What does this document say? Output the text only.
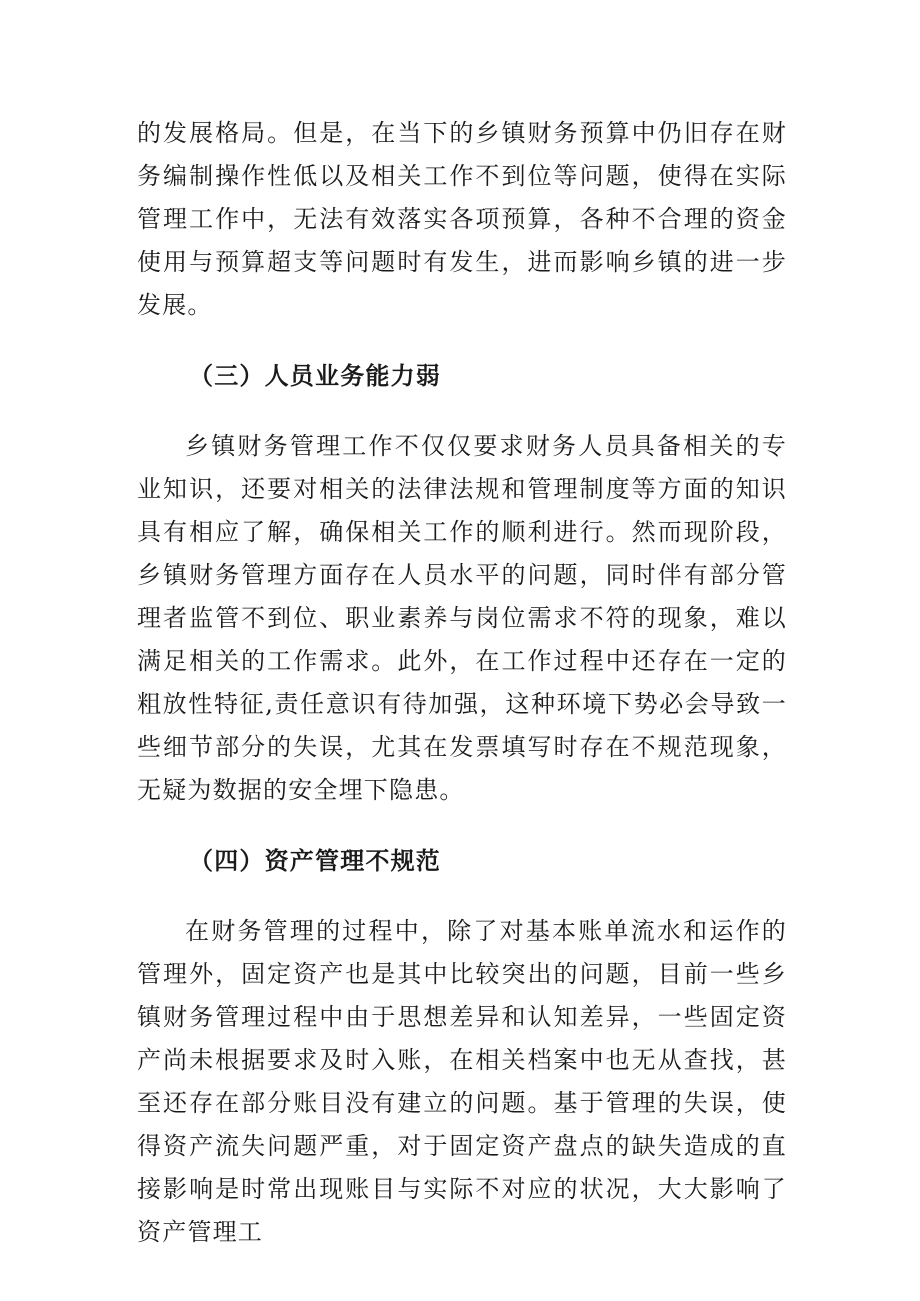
的发展格局。但是，在当下的乡镇财务预算中仍旧存在财务编制操作性低以及相关工作不到位等问题，使得在实际管理工作中，无法有效落实各项预算，各种不合理的资金使用与预算超支等问题时有发生，进而影响乡镇的进一步发展。

（三）人员业务能力弱

乡镇财务管理工作不仅仅要求财务人员具备相关的专业知识，还要对相关的法律法规和管理制度等方面的知识具有相应了解，确保相关工作的顺利进行。然而现阶段，乡镇财务管理方面存在人员水平的问题，同时伴有部分管理者监管不到位、职业素养与岗位需求不符的现象，难以满足相关的工作需求。此外，在工作过程中还存在一定的粗放性特征,责任意识有待加强，这种环境下势必会导致一些细节部分的失误，尤其在发票填写时存在不规范现象，无疑为数据的安全埋下隐患。

（四）资产管理不规范

在财务管理的过程中，除了对基本账单流水和运作的管理外，固定资产也是其中比较突出的问题，目前一些乡镇财务管理过程中由于思想差异和认知差异，一些固定资产尚未根据要求及时入账，在相关档案中也无从查找，甚至还存在部分账目没有建立的问题。基于管理的失误，使得资产流失问题严重，对于固定资产盘点的缺失造成的直接影响是时常出现账目与实际不对应的状况，大大影响了资产管理工
